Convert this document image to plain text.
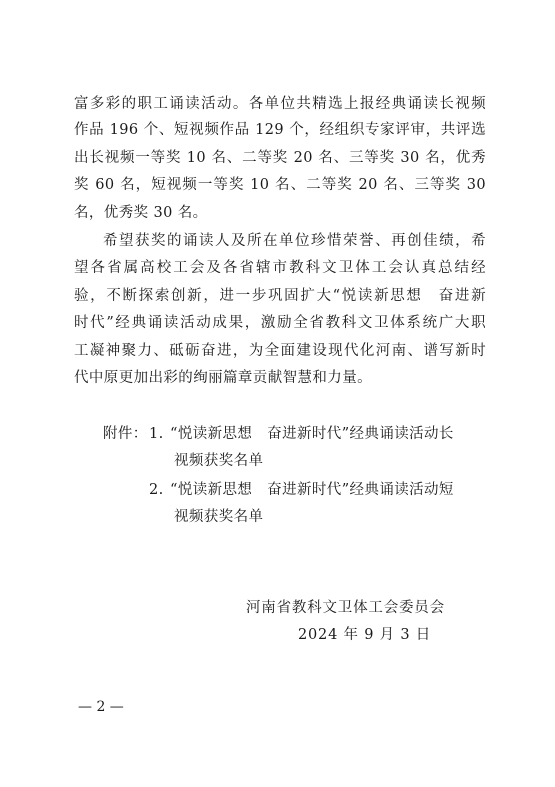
富多彩的职工诵读活动。各单位共精选上报经典诵读长视频
作品 196 个、短视频作品 129 个，经组织专家评审，共评选
出长视频一等奖 10 名、二等奖 20 名、三等奖 30 名，优秀
奖 60 名，短视频一等奖 10 名、二等奖 20 名、三等奖 30
名，优秀奖 30 名。
希望获奖的诵读人及所在单位珍惜荣誉、再创佳绩，希
望各省属高校工会及各省辖市教科文卫体工会认真总结经
验，不断探索创新，进一步巩固扩大“悦读新思想　奋进新
时代”经典诵读活动成果，激励全省教科文卫体系统广大职
工凝神聚力、砥砺奋进，为全面建设现代化河南、谱写新时
代中原更加出彩的绚丽篇章贡献智慧和力量。
附件： 1. “悦读新思想　奋进新时代”经典诵读活动长
视频获奖名单
2. “悦读新思想　奋进新时代”经典诵读活动短
视频获奖名单
河南省教科文卫体工会委员会
2024 年 9 月 3 日
— 2 —
